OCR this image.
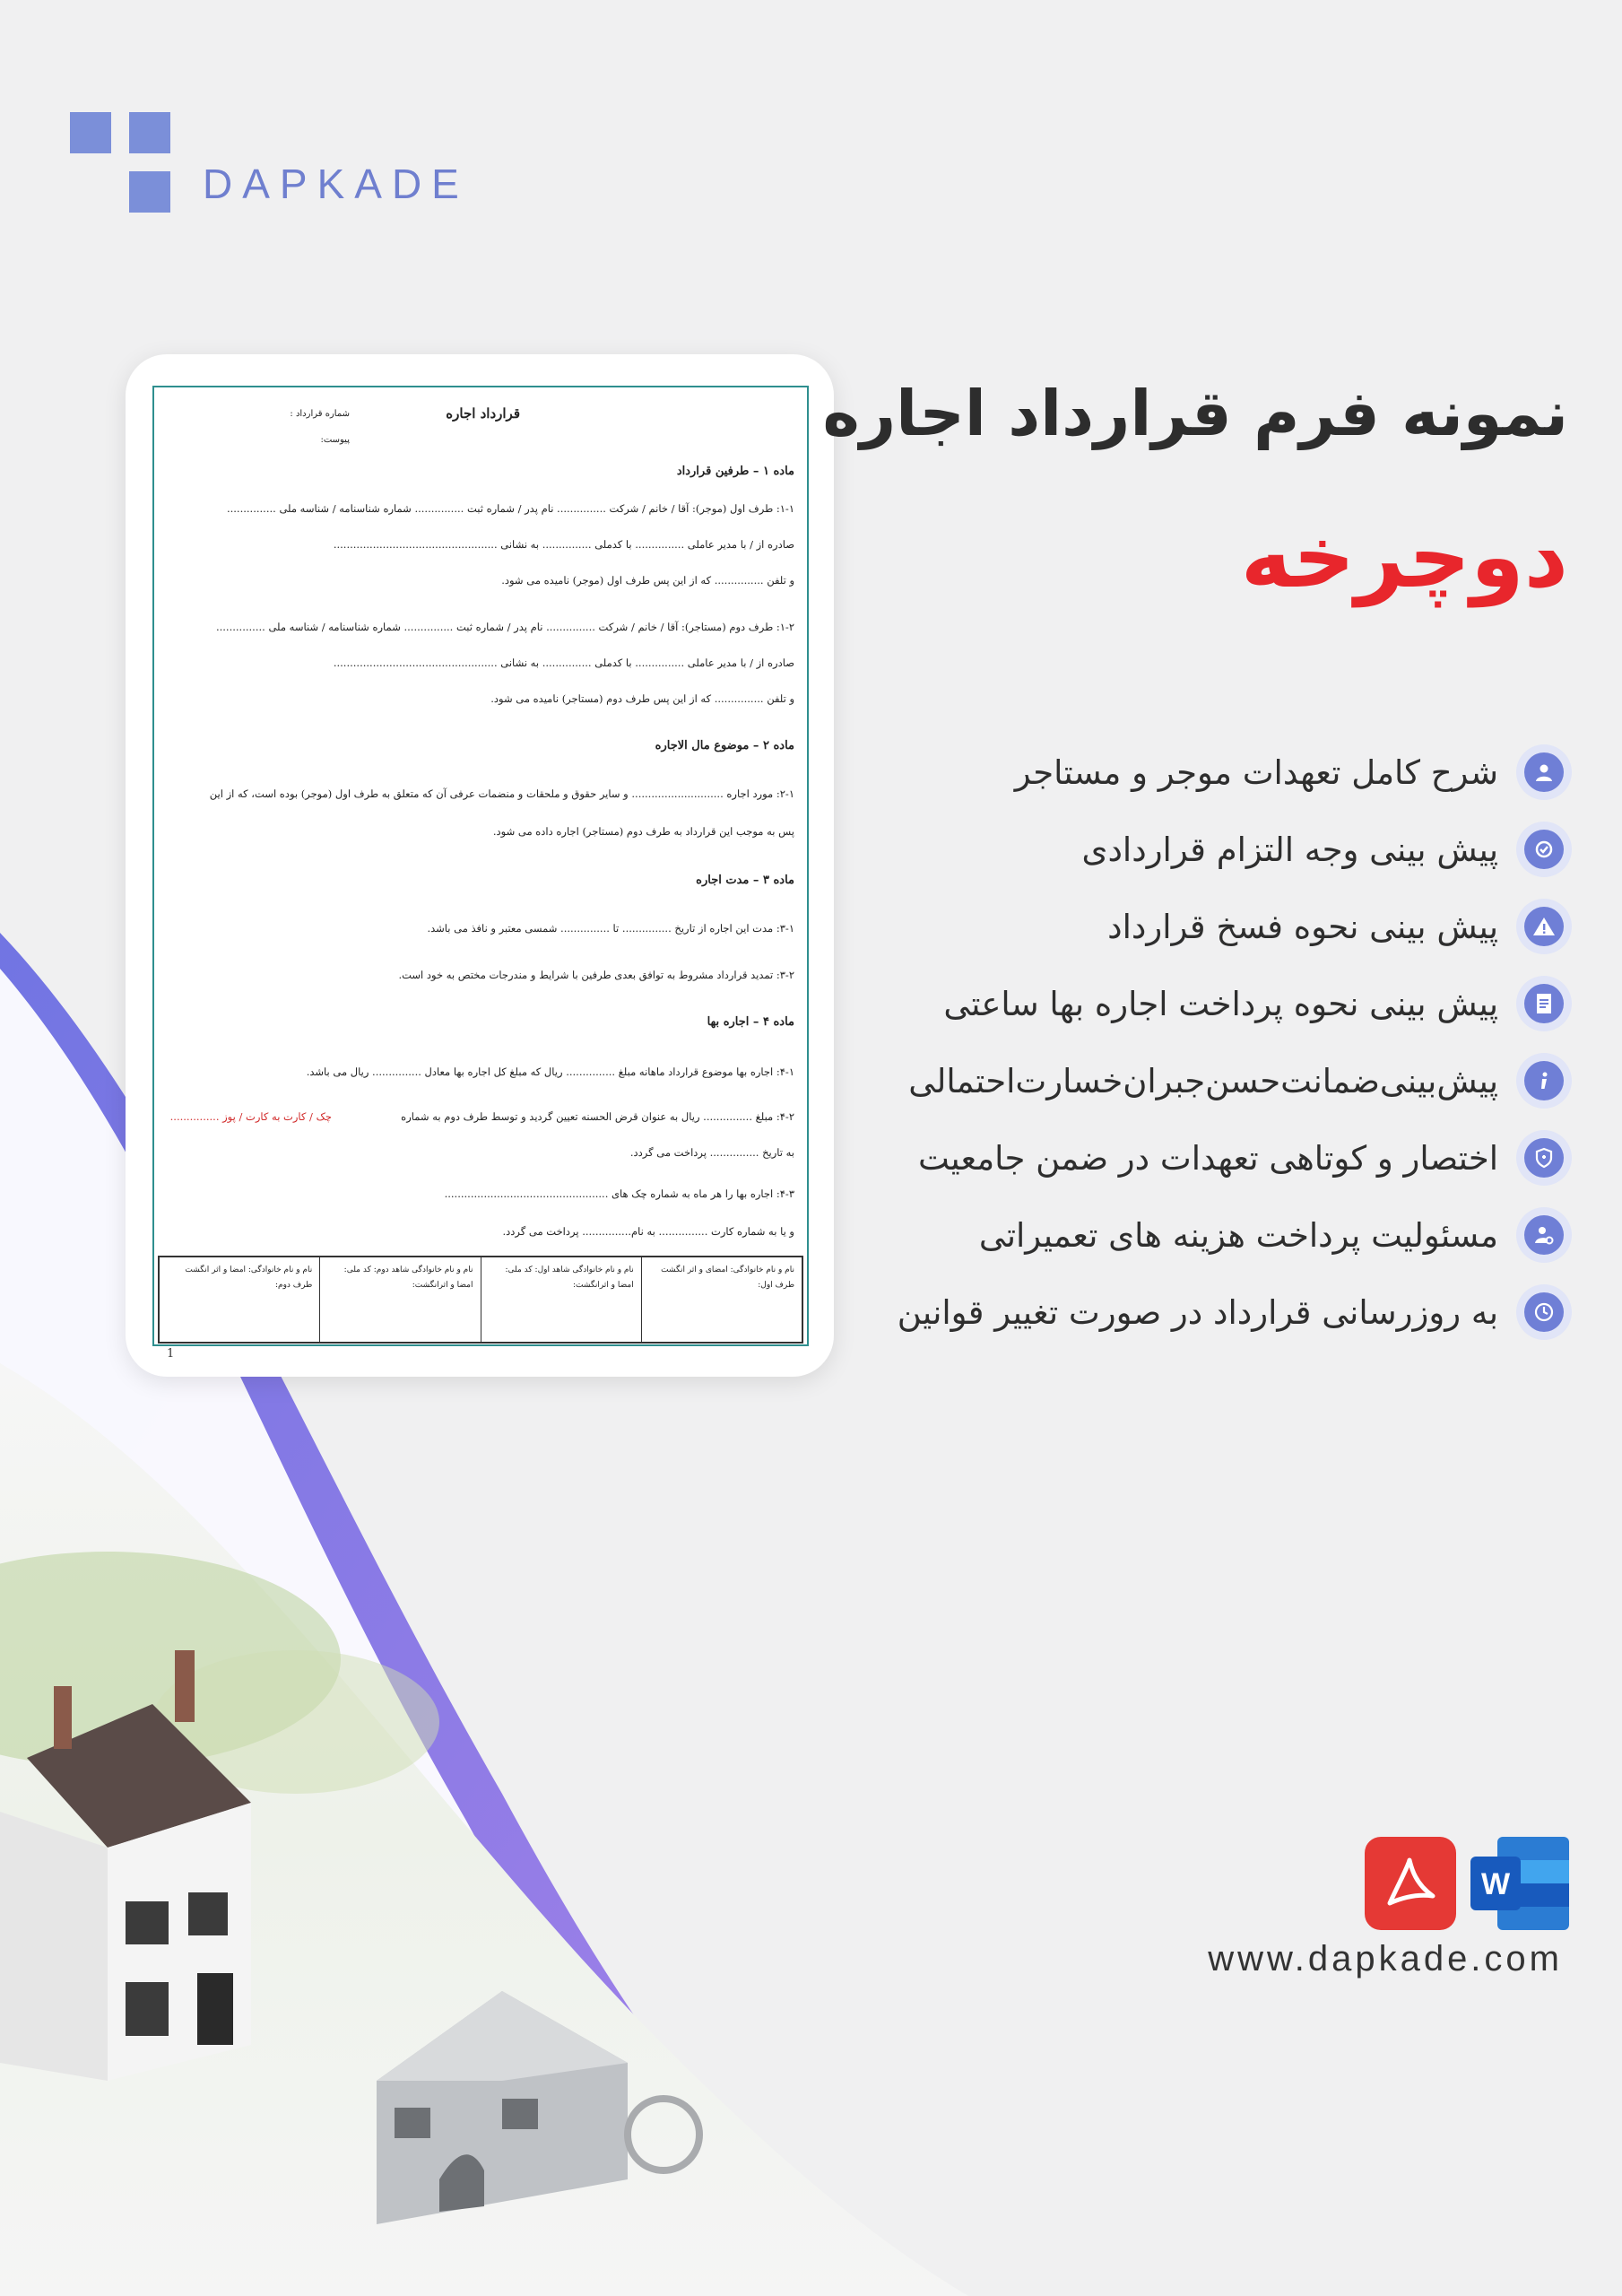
DAPKADE
قرارداد اجاره
شماره قرارداد :
پیوست:
ماده ۱ – طرفین قرارداد
۱-۱: طرف اول (موجر): آقا / خانم / شرکت ............... نام پدر / شماره ثبت ............... شماره شناسنامه / شناسه ملی ...............
صادره از / با مدیر عاملی ............... با کدملی ............... به نشانی ..................................................
و تلفن ............... که از این پس طرف اول (موجر) نامیده می شود.
۱-۲: طرف دوم (مستاجر): آقا / خانم / شرکت ............... نام پدر / شماره ثبت ............... شماره شناسنامه / شناسه ملی ...............
صادره از / با مدیر عاملی ............... با کدملی ............... به نشانی ..................................................
و تلفن ............... که از این پس طرف دوم (مستاجر) نامیده می شود.
ماده ۲ – موضوع مال الاجاره
۲-۱: مورد اجاره ............................ و سایر حقوق و ملحقات و منضمات عرفی آن که متعلق به طرف اول (موجر) بوده است، که از این
پس به موجب این قرارداد به طرف دوم (مستاجر) اجاره داده می شود.
ماده ۳ – مدت اجاره
۳-۱: مدت این اجاره از تاریخ ............... تا ............... شمسی معتبر و نافذ می باشد.
۳-۲: تمدید قرارداد مشروط به توافق بعدی طرفین با شرایط و مندرجات مختص به خود است.
ماده ۴ – اجاره بها
۴-۱: اجاره بها موضوع قرارداد ماهانه مبلغ ............... ریال که مبلغ کل اجاره بها معادل ............... ریال می باشد.
۴-۲: مبلغ ............... ریال به عنوان قرض الحسنه تعیین گردید و توسط طرف دوم به شماره
چک / کارت به کارت / پوز ...............
به تاریخ ............... پرداخت می گردد.
۴-۳: اجاره بها را هر ماه به شماره چک های ..................................................
و یا به شماره کارت ............... به نام............... پرداخت می گردد.
نام و نام خانوادگی: امضای و اثر انگشت طرف اول:
نام و نام خانوادگی شاهد اول: کد ملی: امضا و اثرانگشت:
نام و نام خانوادگی شاهد دوم: کد ملی: امضا و اثرانگشت:
نام و نام خانوادگی: امضا و اثر انگشت طرف دوم:
1
نمونه فرم قرارداد اجاره
دوچرخه
شرح کامل تعهدات موجر و مستاجر
پیش بینی وجه التزام قراردادی
پیش بینی نحوه فسخ قرارداد
پیش بینی نحوه پرداخت اجاره بها ساعتی
پیش‌بینی‌ضمانت‌حسن‌جبران‌خسارت‌احتمالی
اختصار و کوتاهی تعهدات در ضمن جامعیت
مسئولیت پرداخت هزینه های تعمیراتی
به روزرسانی قرارداد در صورت تغییر قوانین
W
www.dapkade.com
